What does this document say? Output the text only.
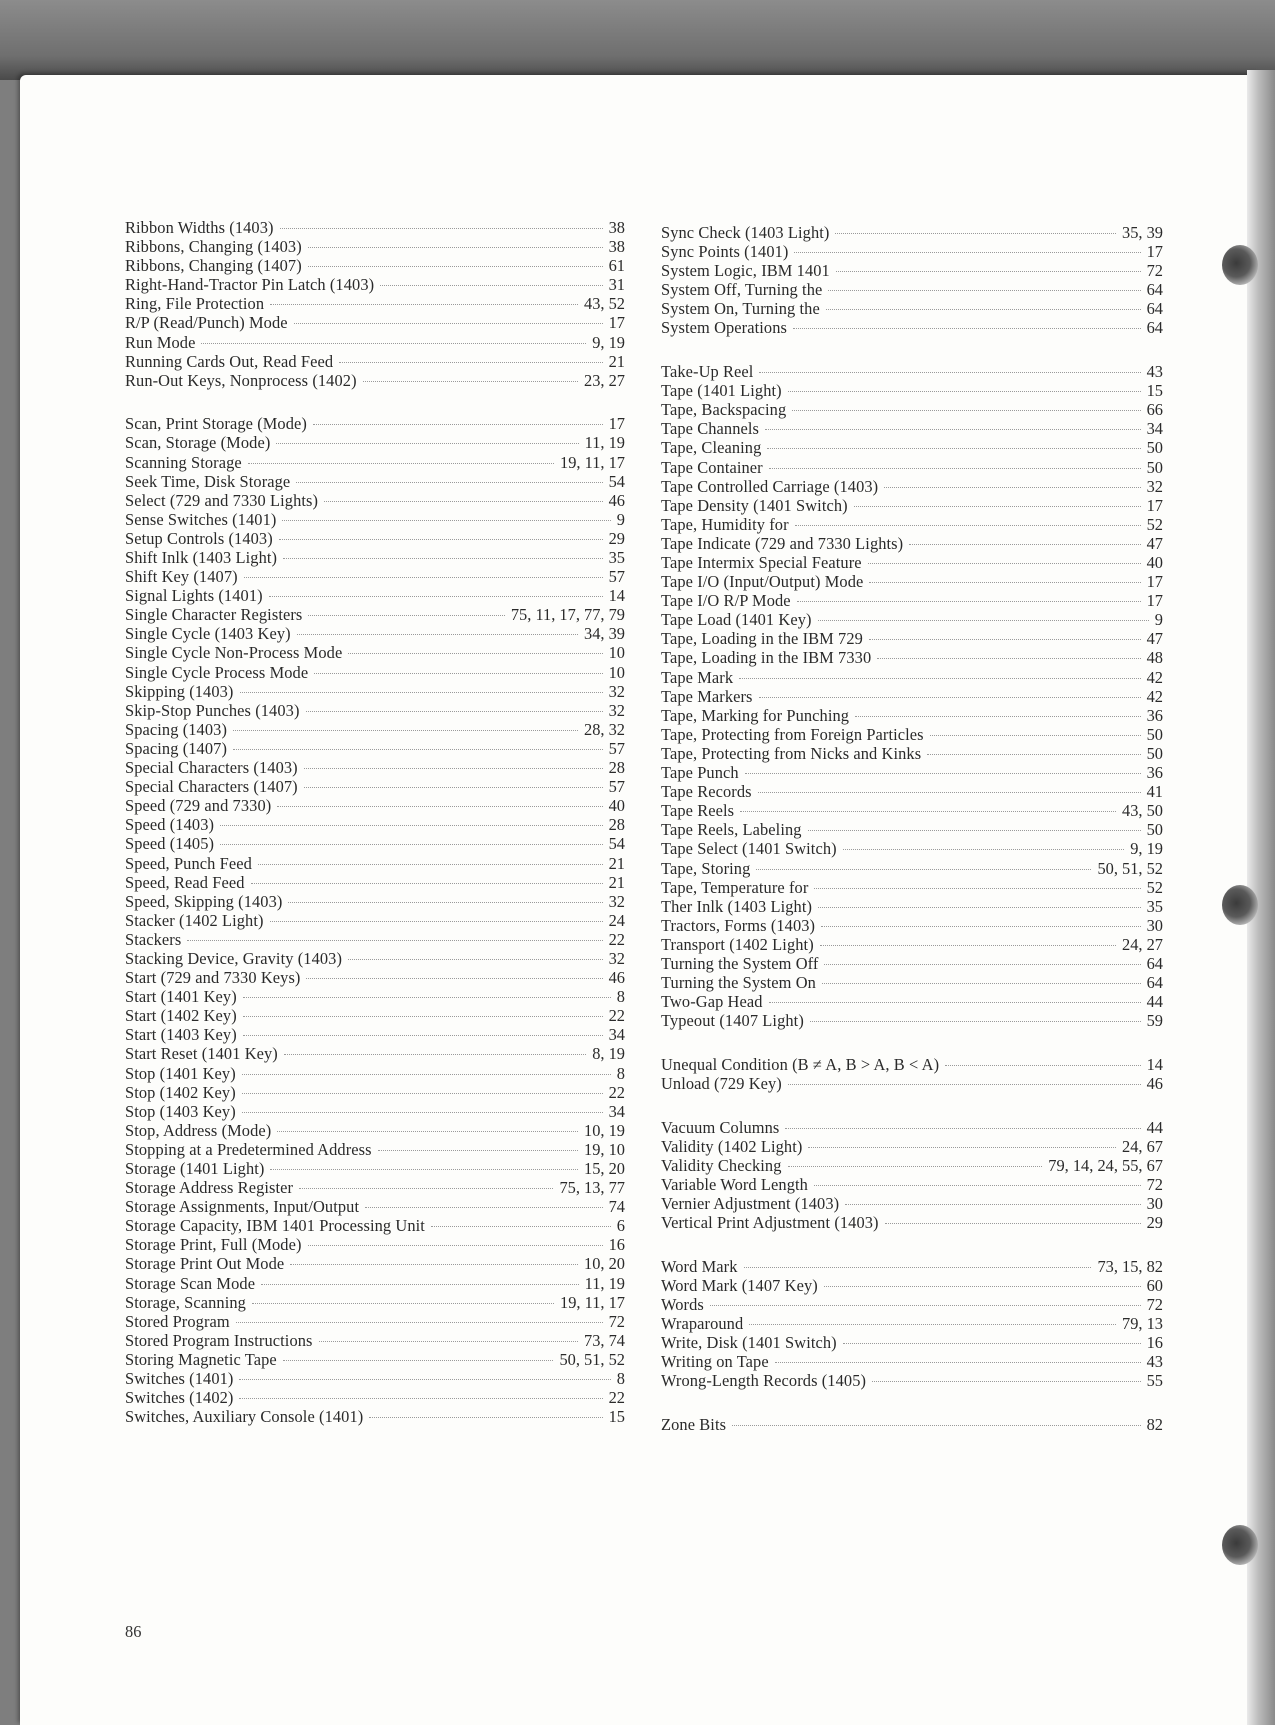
Ribbon Widths (1403)	38
Ribbons, Changing (1403)	38
Ribbons, Changing (1407)	61
Right-Hand-Tractor Pin Latch (1403)	31
Ring, File Protection	43, 52
R/P (Read/Punch) Mode	17
Run Mode	9, 19
Running Cards Out, Read Feed	21
Run-Out Keys, Nonprocess (1402)	23, 27
Scan, Print Storage (Mode)	17
Scan, Storage (Mode)	11, 19
Scanning Storage	19, 11, 17
Seek Time, Disk Storage	54
Select (729 and 7330 Lights)	46
Sense Switches (1401)	9
Setup Controls (1403)	29
Shift Inlk (1403 Light)	35
Shift Key (1407)	57
Signal Lights (1401)	14
Single Character Registers	75, 11, 17, 77, 79
Single Cycle (1403 Key)	34, 39
Single Cycle Non-Process Mode	10
Single Cycle Process Mode	10
Skipping (1403)	32
Skip-Stop Punches (1403)	32
Spacing (1403)	28, 32
Spacing (1407)	57
Special Characters (1403)	28
Special Characters (1407)	57
Speed (729 and 7330)	40
Speed (1403)	28
Speed (1405)	54
Speed, Punch Feed	21
Speed, Read Feed	21
Speed, Skipping (1403)	32
Stacker (1402 Light)	24
Stackers	22
Stacking Device, Gravity (1403)	32
Start (729 and 7330 Keys)	46
Start (1401 Key)	8
Start (1402 Key)	22
Start (1403 Key)	34
Start Reset (1401 Key)	8, 19
Stop (1401 Key)	8
Stop (1402 Key)	22
Stop (1403 Key)	34
Stop, Address (Mode)	10, 19
Stopping at a Predetermined Address	19, 10
Storage (1401 Light)	15, 20
Storage Address Register	75, 13, 77
Storage Assignments, Input/Output	74
Storage Capacity, IBM 1401 Processing Unit	6
Storage Print, Full (Mode)	16
Storage Print Out Mode	10, 20
Storage Scan Mode	11, 19
Storage, Scanning	19, 11, 17
Stored Program	72
Stored Program Instructions	73, 74
Storing Magnetic Tape	50, 51, 52
Switches (1401)	8
Switches (1402)	22
Switches, Auxiliary Console (1401)	15
Sync Check (1403 Light)	35, 39
Sync Points (1401)	17
System Logic, IBM 1401	72
System Off, Turning the	64
System On, Turning the	64
System Operations	64
Take-Up Reel	43
Tape (1401 Light)	15
Tape, Backspacing	66
Tape Channels	34
Tape, Cleaning	50
Tape Container	50
Tape Controlled Carriage (1403)	32
Tape Density (1401 Switch)	17
Tape, Humidity for	52
Tape Indicate (729 and 7330 Lights)	47
Tape Intermix Special Feature	40
Tape I/O (Input/Output) Mode	17
Tape I/O R/P Mode	17
Tape Load (1401 Key)	9
Tape, Loading in the IBM 729	47
Tape, Loading in the IBM 7330	48
Tape Mark	42
Tape Markers	42
Tape, Marking for Punching	36
Tape, Protecting from Foreign Particles	50
Tape, Protecting from Nicks and Kinks	50
Tape Punch	36
Tape Records	41
Tape Reels	43, 50
Tape Reels, Labeling	50
Tape Select (1401 Switch)	9, 19
Tape, Storing	50, 51, 52
Tape, Temperature for	52
Ther Inlk (1403 Light)	35
Tractors, Forms (1403)	30
Transport (1402 Light)	24, 27
Turning the System Off	64
Turning the System On	64
Two-Gap Head	44
Typeout (1407 Light)	59
Unequal Condition (B ≠ A, B > A, B < A)	14
Unload (729 Key)	46
Vacuum Columns	44
Validity (1402 Light)	24, 67
Validity Checking	79, 14, 24, 55, 67
Variable Word Length	72
Vernier Adjustment (1403)	30
Vertical Print Adjustment (1403)	29
Word Mark	73, 15, 82
Word Mark (1407 Key)	60
Words	72
Wraparound	79, 13
Write, Disk (1401 Switch)	16
Writing on Tape	43
Wrong-Length Records (1405)	55
Zone Bits	82
86
